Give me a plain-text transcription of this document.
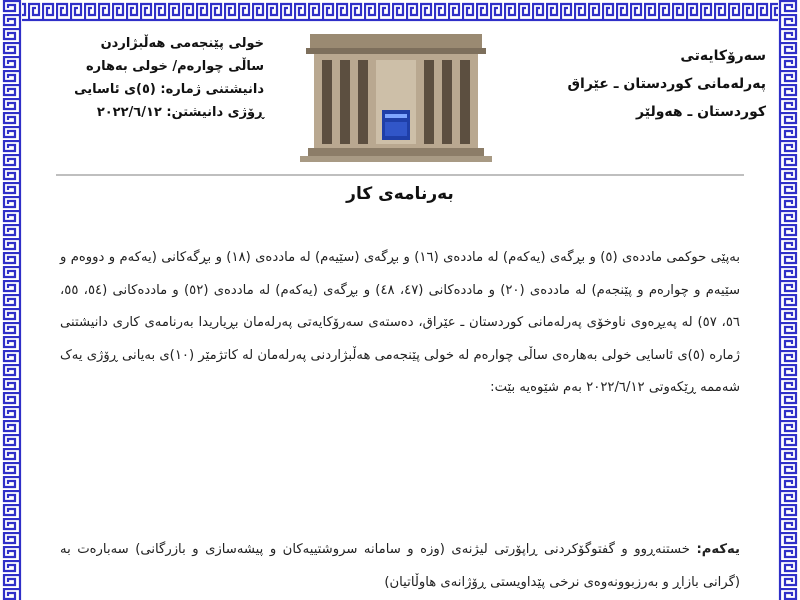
خولی پێنجەمی هەڵبژاردن
ساڵی چوارەم/ خولی بەهارە
دانیشتنی ژمارە: (٥)ی ئاسایی
ڕۆژی دانیشتن: ٢٠٢٢/٦/١٢
سەرۆکایەتی
پەرلەمانی کوردستان ـ عێراق
کوردستان ـ هەولێر
بەرنامەی کار
بەپێی حوکمی ماددەی (٥) و بڕگەی (یەکەم) لە ماددەی (١٦) و بڕگەی (سێیەم) لە ماددەی (١٨) و بڕگەکانی (یەکەم و دووەم و سێیەم و چوارەم و پێنجەم) لە ماددەی (٢٠) و ماددەکانی (٤٧، ٤٨) و بڕگەی (یەکەم) لە ماددەی (٥٢) و ماددەکانی (٥٤، ٥٥، ٥٦، ٥٧) لە پەیڕەوی ناوخۆی پەرلەمانی کوردستان ـ عێراق، دەستەی سەرۆکایەتی پەرلەمان بڕیاریدا بەرنامەی کاری دانیشتنی ژمارە (٥)ی ئاسایی خولی بەهارەی ساڵی چوارەم لە خولی پێنجەمی هەڵبژاردنی پەرلەمان لە کاتژمێر (١٠)ی بەیانی ڕۆژی یەک شەممە ڕێکەوتی ٢٠٢٢/٦/١٢ بەم شێوەیە بێت:
یەکەم: خستنەڕوو و گفتوگۆکردنی ڕاپۆرتی لیژنەی (وزە و سامانە سروشتییەکان و پیشەسازی و بازرگانی) سەبارەت بە (گرانی بازاڕ و بەرزبوونەوەی نرخی پێداویستی ڕۆژانەی هاوڵاتیان)
